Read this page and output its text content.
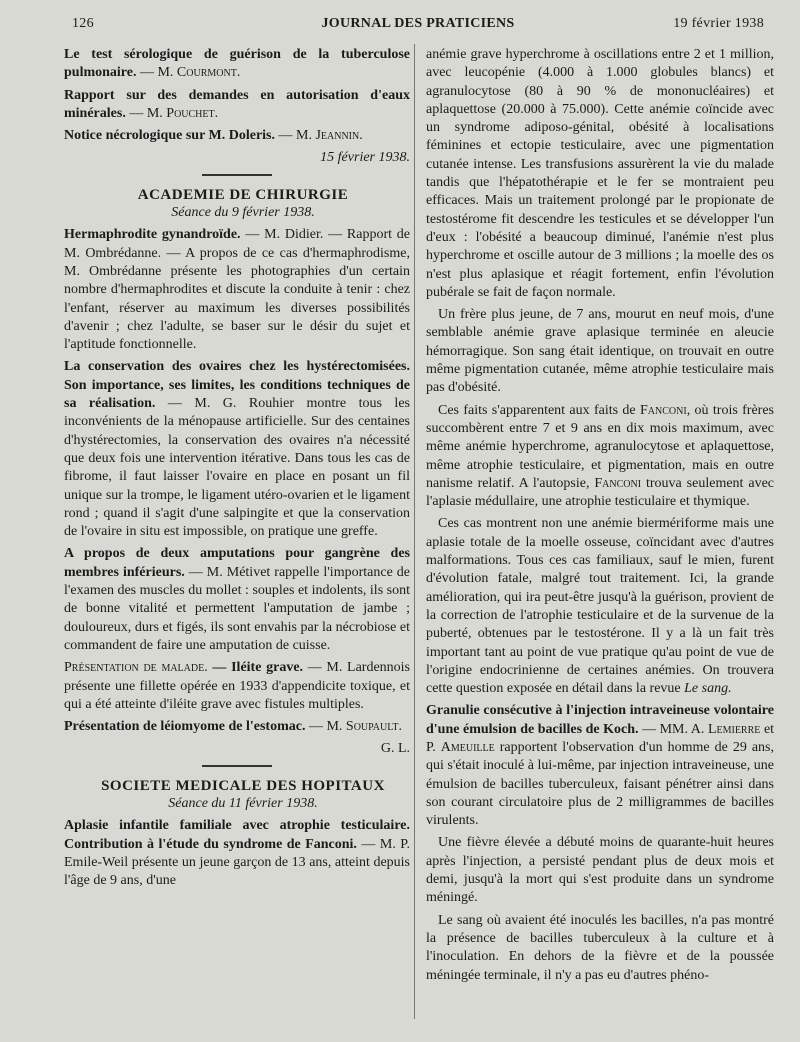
126	JOURNAL DES PRATICIENS	19 février 1938

Le test sérologique de guérison de la tuberculose pulmonaire. — M. Courmont.

Rapport sur des demandes en autorisation d'eaux minérales. — M. Pouchet.

Notice nécrologique sur M. Doleris. — M. Jeannin.

15 février 1938.

ACADEMIE DE CHIRURGIE

Séance du 9 février 1938.

Hermaphrodite gynandroïde. — M. Didier. — Rapport de M. Ombrédanne. — A propos de ce cas d'hermaphrodisme, M. Ombrédanne présente les photographies d'un certain nombre d'hermaphrodites et discute la conduite à tenir : chez l'enfant, réserver au maximum les diverses possibilités d'avenir ; chez l'adulte, se baser sur le désir du sujet et l'aptitude fonctionnelle.

La conservation des ovaires chez les hystérectomisées. Son importance, ses limites, les conditions techniques de sa réalisation. — M. G. Rouhier montre tous les inconvénients de la ménopause artificielle. Sur des centaines d'hystérectomies, la conservation des ovaires n'a nécessité que deux fois une intervention itérative. Dans tous les cas de fibrome, il faut laisser l'ovaire en place en posant un fil unique sur la trompe, le ligament utéro-ovarien et le ligament rond ; quand il s'agit d'une salpingite et que la conservation de l'ovaire in situ est impossible, on pratique une greffe.

A propos de deux amputations pour gangrène des membres inférieurs. — M. Métivet rappelle l'importance de l'examen des muscles du mollet : souples et indolents, ils sont de bonne vitalité et permettent l'amputation de jambe ; douloureux, durs et figés, ils sont envahis par la nécrobiose et commandent de faire une amputation de cuisse.

Présentation de malade. — Iléite grave. — M. Lardennois présente une fillette opérée en 1933 d'appendicite toxique, et qui a été atteinte d'iléite grave avec fistules multiples.

Présentation de léiomyome de l'estomac. — M. Soupault.

G. L.

SOCIETE MEDICALE DES HOPITAUX

Séance du 11 février 1938.

Aplasie infantile familiale avec atrophie testiculaire. Contribution à l'étude du syndrome de Fanconi. — M. P. Emile-Weil présente un jeune garçon de 13 ans, atteint depuis l'âge de 9 ans, d'une

anémie grave hyperchrome à oscillations entre 2 et 1 million, avec leucopénie (4.000 à 1.000 globules blancs) et agranulocytose (80 à 90 % de mononucléaires) et aplaquettose (20.000 à 75.000). Cette anémie coïncide avec un syndrome adiposo-génital, obésité à localisations féminines et ectopie testiculaire, avec une pigmentation cutanée intense. Les transfusions assurèrent la vie du malade tandis que l'hépatothérapie et le fer se montraient peu efficaces. Mais un traitement prolongé par le propionate de testostérome fit descendre les testicules et se développer l'un d'eux : l'obésité a beaucoup diminué, l'anémie n'est plus hyperchrome et oscille autour de 3 millions ; la moelle des os n'est plus aplasique et réagit fortement, enfin l'évolution pubérale se fait de façon normale.

Un frère plus jeune, de 7 ans, mourut en neuf mois, d'une semblable anémie grave aplasique terminée en aleucie hémorragique. Son sang était identique, on trouvait en outre même pigmentation cutanée, même atrophie testiculaire mais pas d'obésité.

Ces faits s'apparentent aux faits de Fanconi, où trois frères succombèrent entre 7 et 9 ans en dix mois maximum, avec même anémie hyperchrome, agranulocytose et aplaquettose, même atrophie testiculaire, et pigmentation, mais en outre nanisme relatif. A l'autopsie, Fanconi trouva seulement avec l'aplasie médullaire, une atrophie testiculaire et thymique.

Ces cas montrent non une anémie biermériforme mais une aplasie totale de la moelle osseuse, coïncidant avec d'autres malformations. Tous ces cas familiaux, sauf le mien, furent d'évolution fatale, malgré tout traitement. Ici, la grande amélioration, qui ira peut-être jusqu'à la guérison, provient de la correction de l'atrophie testiculaire et de la survenue de la puberté, obtenues par le testostérone. Il y a là un fait très important tant au point de vue pratique qu'au point de vue de l'origine endocrinienne de certaines anémies. On trouvera cette question exposée en détail dans la revue Le sang.

Granulie consécutive à l'injection intraveineuse volontaire d'une émulsion de bacilles de Koch. — MM. A. Lemierre et P. Ameuille rapportent l'observation d'un homme de 29 ans, qui s'était inoculé à lui-même, par injection intraveineuse, une émulsion de bacilles tuberculeux, faisant pénétrer ainsi dans son courant circulatoire plus de 2 milligrammes de bacilles virulents.

Une fièvre élevée a débuté moins de quarante-huit heures après l'injection, a persisté pendant plus de deux mois et demi, jusqu'à la mort qui s'est produite dans un syndrome méningé.

Le sang où avaient été inoculés les bacilles, n'a pas montré la présence de bacilles tuberculeux à la culture et à l'inoculation. En dehors de la fièvre et de la poussée méningée terminale, il n'y a pas eu d'autres phéno-
